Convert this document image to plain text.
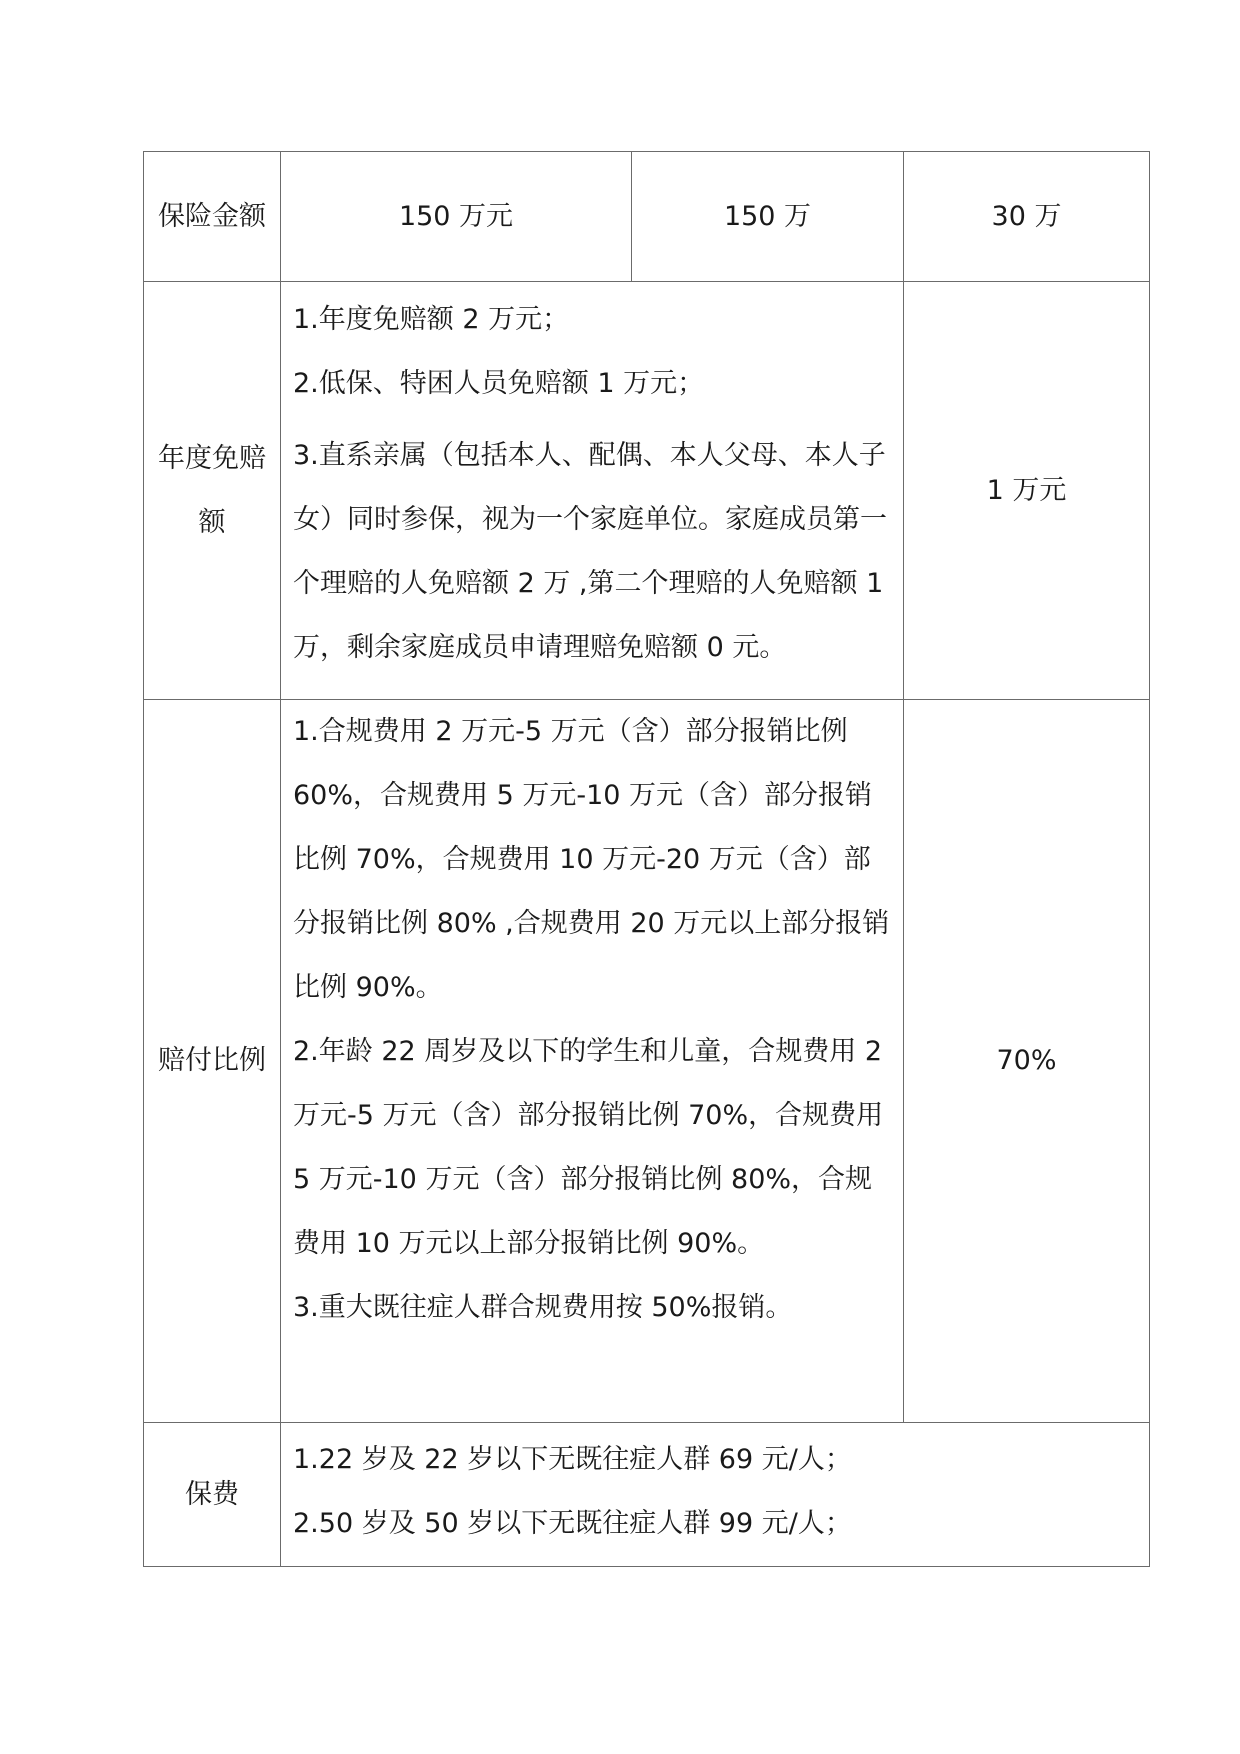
保险金额	150 万元	150 万	30 万
年度免赔额	1.年度免赔额 2 万元；
2.低保、特困人员免赔额 1 万元；
3.直系亲属（包括本人、配偶、本人父母、本人子女）同时参保，视为一个家庭单位。家庭成员第一个理赔的人免赔额 2 万 ,第二个理赔的人免赔额 1 万，剩余家庭成员申请理赔免赔额 0 元。		1 万元
赔付比例	1.合规费用 2 万元-5 万元（含）部分报销比例 60%，合规费用 5 万元-10 万元（含）部分报销比例 70%，合规费用 10 万元-20 万元（含）部分报销比例 80% ,合规费用 20 万元以上部分报销比例 90%。
2.年龄 22 周岁及以下的学生和儿童，合规费用 2 万元-5 万元（含）部分报销比例 70%，合规费用 5 万元-10 万元（含）部分报销比例 80%，合规费用 10 万元以上部分报销比例 90%。
3.重大既往症人群合规费用按 50%报销。		70%
保费	1.22 岁及 22 岁以下无既往症人群 69 元/人；
2.50 岁及 50 岁以下无既往症人群 99 元/人；		
